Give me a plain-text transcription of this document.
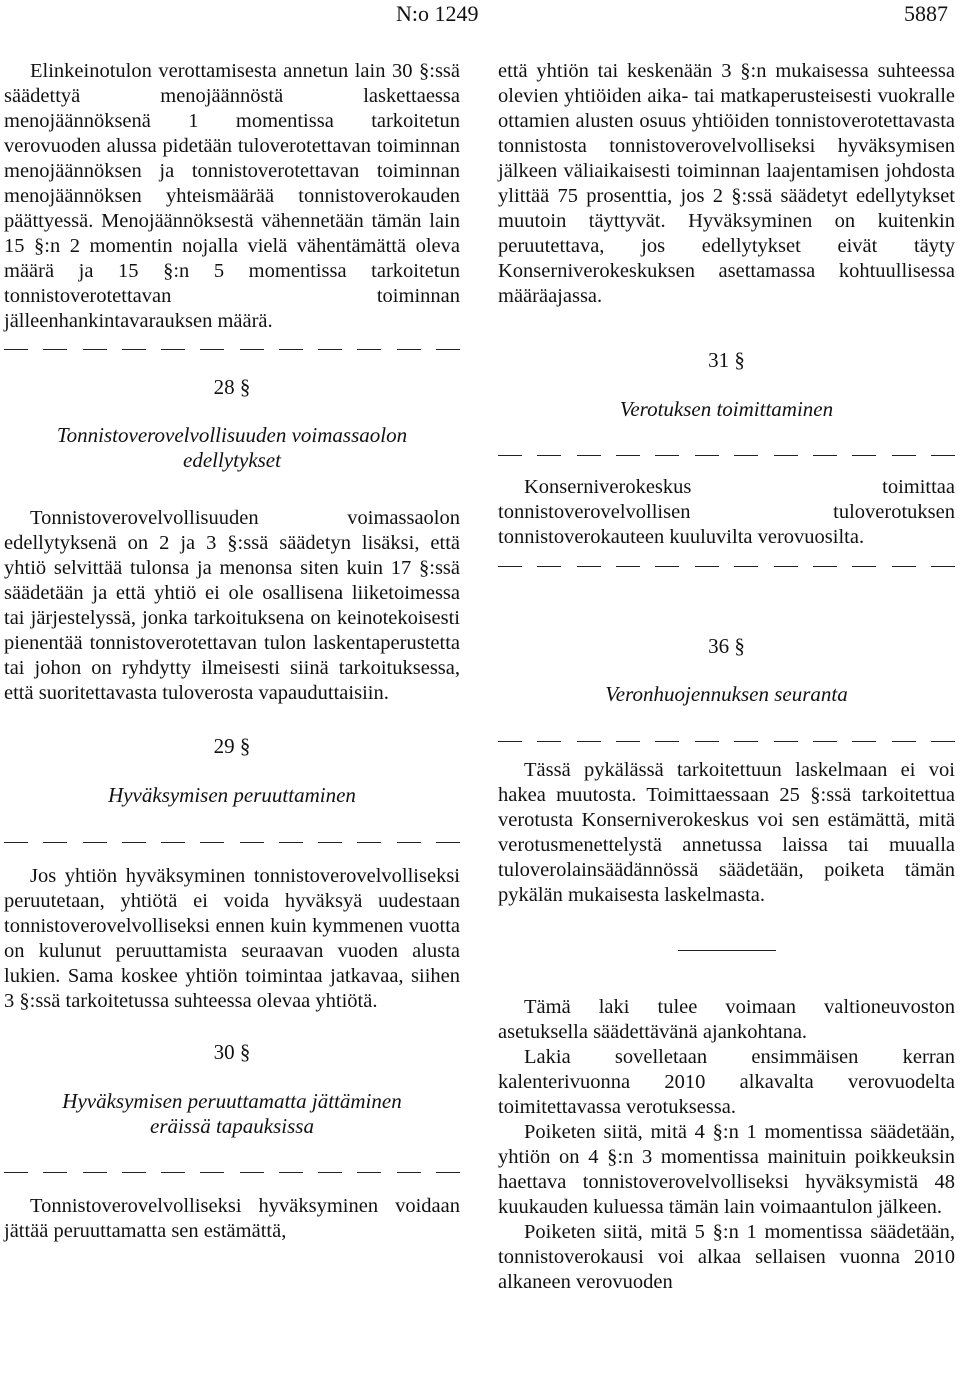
N:o 1249	5887

Elinkeinotulon verottamisesta annetun lain 30 §:ssä säädettyä menojäännöstä laskettaessa menojäännöksenä 1 momentissa tarkoitetun verovuoden alussa pidetään tuloverotettavan toiminnan menojäännöksen ja tonnistoverotettavan toiminnan menojäännöksen yhteismäärää tonnistoverokauden päättyessä. Menojäännöksestä vähennetään tämän lain 15 §:n 2 momentin nojalla vielä vähentämättä oleva määrä ja 15 §:n 5 momentissa tarkoitetun tonnistoverotettavan toiminnan jälleenhankintavarauksen määrä.

28 §
Tonnistoverovelvollisuuden voimassaolon
edellytykset

Tonnistoverovelvollisuuden voimassaolon edellytyksenä on 2 ja 3 §:ssä säädetyn lisäksi, että yhtiö selvittää tulonsa ja menonsa siten kuin 17 §:ssä säädetään ja että yhtiö ei ole osallisena liiketoimessa tai järjestelyssä, jonka tarkoituksena on keinotekoisesti pienentää tonnistoverotettavan tulon laskentaperustetta tai johon on ryhdytty ilmeisesti siinä tarkoituksessa, että suoritettavasta tuloverosta vapauduttaisiin.

29 §
Hyväksymisen peruuttaminen

Jos yhtiön hyväksyminen tonnistoverovelvolliseksi peruutetaan, yhtiötä ei voida hyväksyä uudestaan tonnistoverovelvolliseksi ennen kuin kymmenen vuotta on kulunut peruuttamista seuraavan vuoden alusta lukien. Sama koskee yhtiön toimintaa jatkavaa, siihen 3 §:ssä tarkoitetussa suhteessa olevaa yhtiötä.

30 §
Hyväksymisen peruuttamatta jättäminen
eräissä tapauksissa

Tonnistoverovelvolliseksi hyväksyminen voidaan jättää peruuttamatta sen estämättä,

että yhtiön tai keskenään 3 §:n mukaisessa suhteessa olevien yhtiöiden aika- tai matkaperusteisesti vuokralle ottamien alusten osuus yhtiöiden tonnistoverotettavasta tonnistosta tonnistoverovelvolliseksi hyväksymisen jälkeen väliaikaisesti toiminnan laajentamisen johdosta ylittää 75 prosenttia, jos 2 §:ssä säädetyt edellytykset muutoin täyttyvät. Hyväksyminen on kuitenkin peruutettava, jos edellytykset eivät täyty Konserniverokeskuksen asettamassa kohtuullisessa määräajassa.

31 §
Verotuksen toimittaminen

Konserniverokeskus toimittaa tonnistoverovelvollisen tuloverotuksen tonnistoverokauteen kuuluvilta verovuosilta.

36 §
Veronhuojennuksen seuranta

Tässä pykälässä tarkoitettuun laskelmaan ei voi hakea muutosta. Toimittaessaan 25 §:ssä tarkoitettua verotusta Konserniverokeskus voi sen estämättä, mitä verotusmenettelystä annetussa laissa tai muualla tuloverolainsäädännössä säädetään, poiketa tämän pykälän mukaisesta laskelmasta.

Tämä laki tulee voimaan valtioneuvoston asetuksella säädettävänä ajankohtana.

Lakia sovelletaan ensimmäisen kerran kalenterivuonna 2010 alkavalta verovuodelta toimitettavassa verotuksessa.

Poiketen siitä, mitä 4 §:n 1 momentissa säädetään, yhtiön on 4 §:n 3 momentissa mainituin poikkeuksin haettava tonnistoverovelvolliseksi hyväksymistä 48 kuukauden kuluessa tämän lain voimaantulon jälkeen.

Poiketen siitä, mitä 5 §:n 1 momentissa säädetään, tonnistoverokausi voi alkaa sellaisen vuonna 2010 alkaneen verovuoden
